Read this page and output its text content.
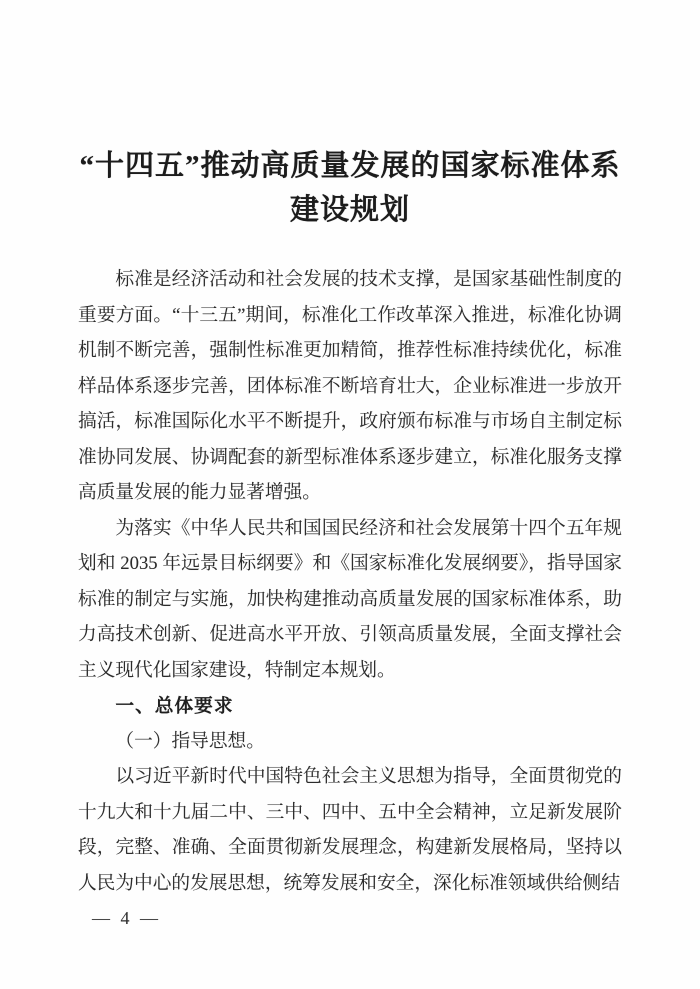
“十四五”推动高质量发展的国家标准体系
建设规划

标准是经济活动和社会发展的技术支撑，是国家基础性制度的重要方面。“十三五”期间，标准化工作改革深入推进，标准化协调机制不断完善，强制性标准更加精简，推荐性标准持续优化，标准样品体系逐步完善，团体标准不断培育壮大，企业标准进一步放开搞活，标准国际化水平不断提升，政府颁布标准与市场自主制定标准协同发展、协调配套的新型标准体系逐步建立，标准化服务支撑高质量发展的能力显著增强。

为落实《中华人民共和国国民经济和社会发展第十四个五年规划和 2035 年远景目标纲要》和《国家标准化发展纲要》，指导国家标准的制定与实施，加快构建推动高质量发展的国家标准体系，助力高技术创新、促进高水平开放、引领高质量发展，全面支撑社会主义现代化国家建设，特制定本规划。

一、总体要求

（一）指导思想。

以习近平新时代中国特色社会主义思想为指导，全面贯彻党的十九大和十九届二中、三中、四中、五中全会精神，立足新发展阶段，完整、准确、全面贯彻新发展理念，构建新发展格局，坚持以人民为中心的发展思想，统筹发展和安全，深化标准领域供给侧结

— 4 —
